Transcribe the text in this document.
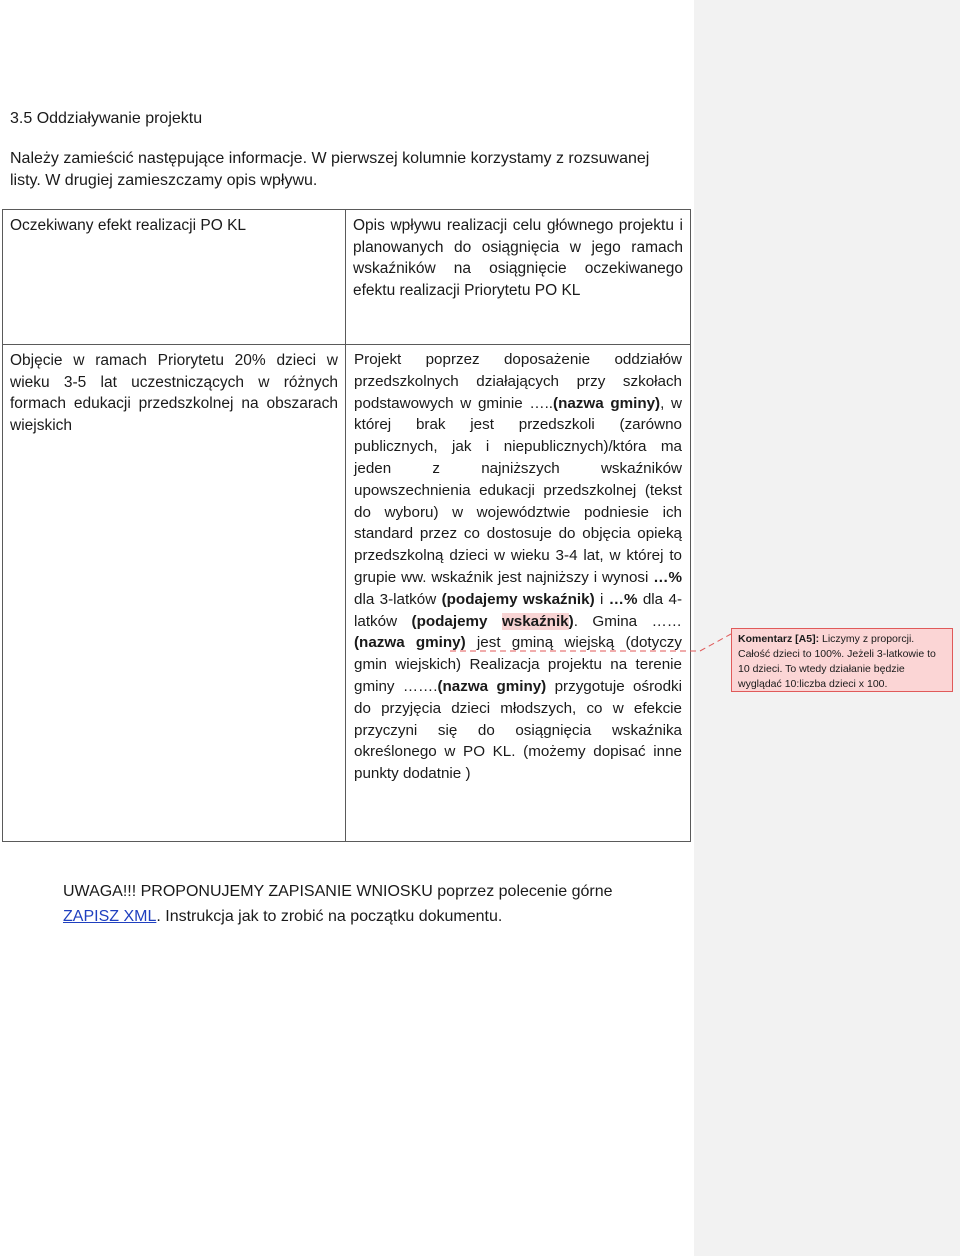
3.5 Oddziaływanie projektu
Należy zamieścić następujące informacje. W pierwszej kolumnie korzystamy z rozsuwanej listy. W drugiej zamieszczamy opis wpływu.
Oczekiwany efekt realizacji PO KL	Opis wpływu realizacji celu głównego projektu i planowanych do osiągnięcia w jego ramach wskaźników na osiągnięcie oczekiwanego efektu realizacji Priorytetu PO KL

Objęcie w ramach Priorytetu 20% dzieci w wieku 3-5 lat uczestniczących w różnych formach edukacji przedszkolnej na obszarach wiejskich	Projekt poprzez doposażenie oddziałów przedszkolnych działających przy szkołach podstawowych w gminie …..(nazwa gminy), w której brak jest przedszkoli (zarówno publicznych, jak i niepublicznych)/która ma jeden z najniższych wskaźników upowszechnienia edukacji przedszkolnej (tekst do wyboru) w województwie podniesie ich standard przez co dostosuje do objęcia opieką przedszkolną dzieci w wieku 3-4 lat, w której to grupie ww. wskaźnik jest najniższy i wynosi …% dla 3-latków (podajemy wskaźnik) i …% dla 4-latków (podajemy wskaźnik). Gmina ……(nazwa gminy) jest gminą wiejską (dotyczy gmin wiejskich) Realizacja projektu na terenie gminy …….(nazwa gminy) przygotuje ośrodki do przyjęcia dzieci młodszych, co w efekcie przyczyni się do osiągnięcia wskaźnika określonego w PO KL. (możemy dopisać inne punkty dodatnie )
Komentarz [A5]: Liczymy z proporcji. Całość dzieci to 100%. Jeżeli 3-latkowie to 10 dzieci. To wtedy działanie będzie wyglądać 10:liczba dzieci x 100.
UWAGA!!! PROPONUJEMY ZAPISANIE WNIOSKU poprzez polecenie górne ZAPISZ XML. Instrukcja jak to zrobić na początku dokumentu.
